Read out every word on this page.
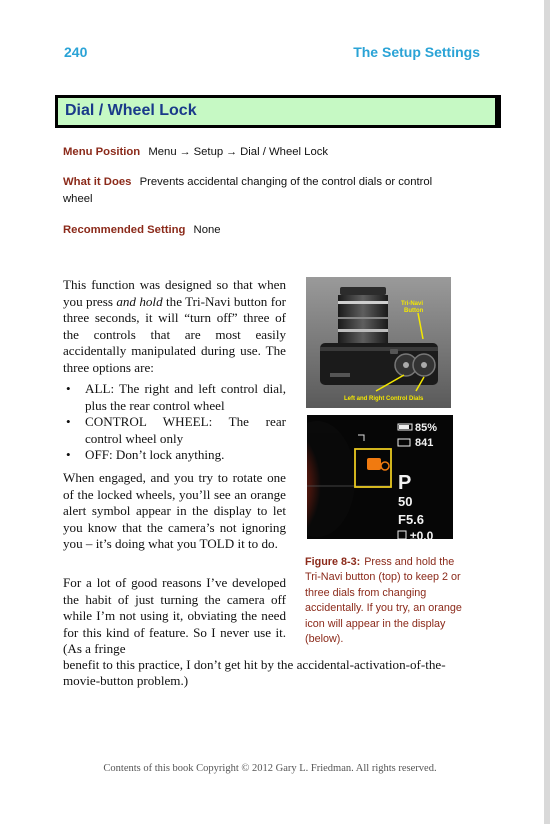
240	The Setup Settings
Dial / Wheel Lock
Menu Position Menu → Setup → Dial / Wheel Lock
What it Does Prevents accidental changing of the control dials or control wheel
Recommended Setting None

This function was designed so that when you press and hold the Tri-Navi button for three seconds, it will “turn off” three of the controls that are most easily accidentally manipulated during use. The three options are:

• ALL: The right and left control dial, plus the rear control wheel
• CONTROL WHEEL: The rear control wheel only
• OFF: Don’t lock anything.

When engaged, and you try to rotate one of the locked wheels, you’ll see an orange alert symbol appear in the display to let you know that the camera’s not ignoring you – it’s doing what you TOLD it to do.

For a lot of good reasons I’ve developed the habit of just turning the camera off while I’m not using it, obviating the need for this kind of feature. So I never use it. (As a fringe

benefit to this practice, I don’t get hit by the accidental-activation-of-the-
movie-button problem.)
Tri-Navi
Button
Left and Right Control Dials
85%
841
P
50
F5.6
±0.0
Figure 8-3: Press and hold the Tri-Navi button (top) to keep 2 or three dials from changing accidentally. If you try, an orange icon will appear in the display (below).
Contents of this book Copyright © 2012 Gary L. Friedman. All rights reserved.
